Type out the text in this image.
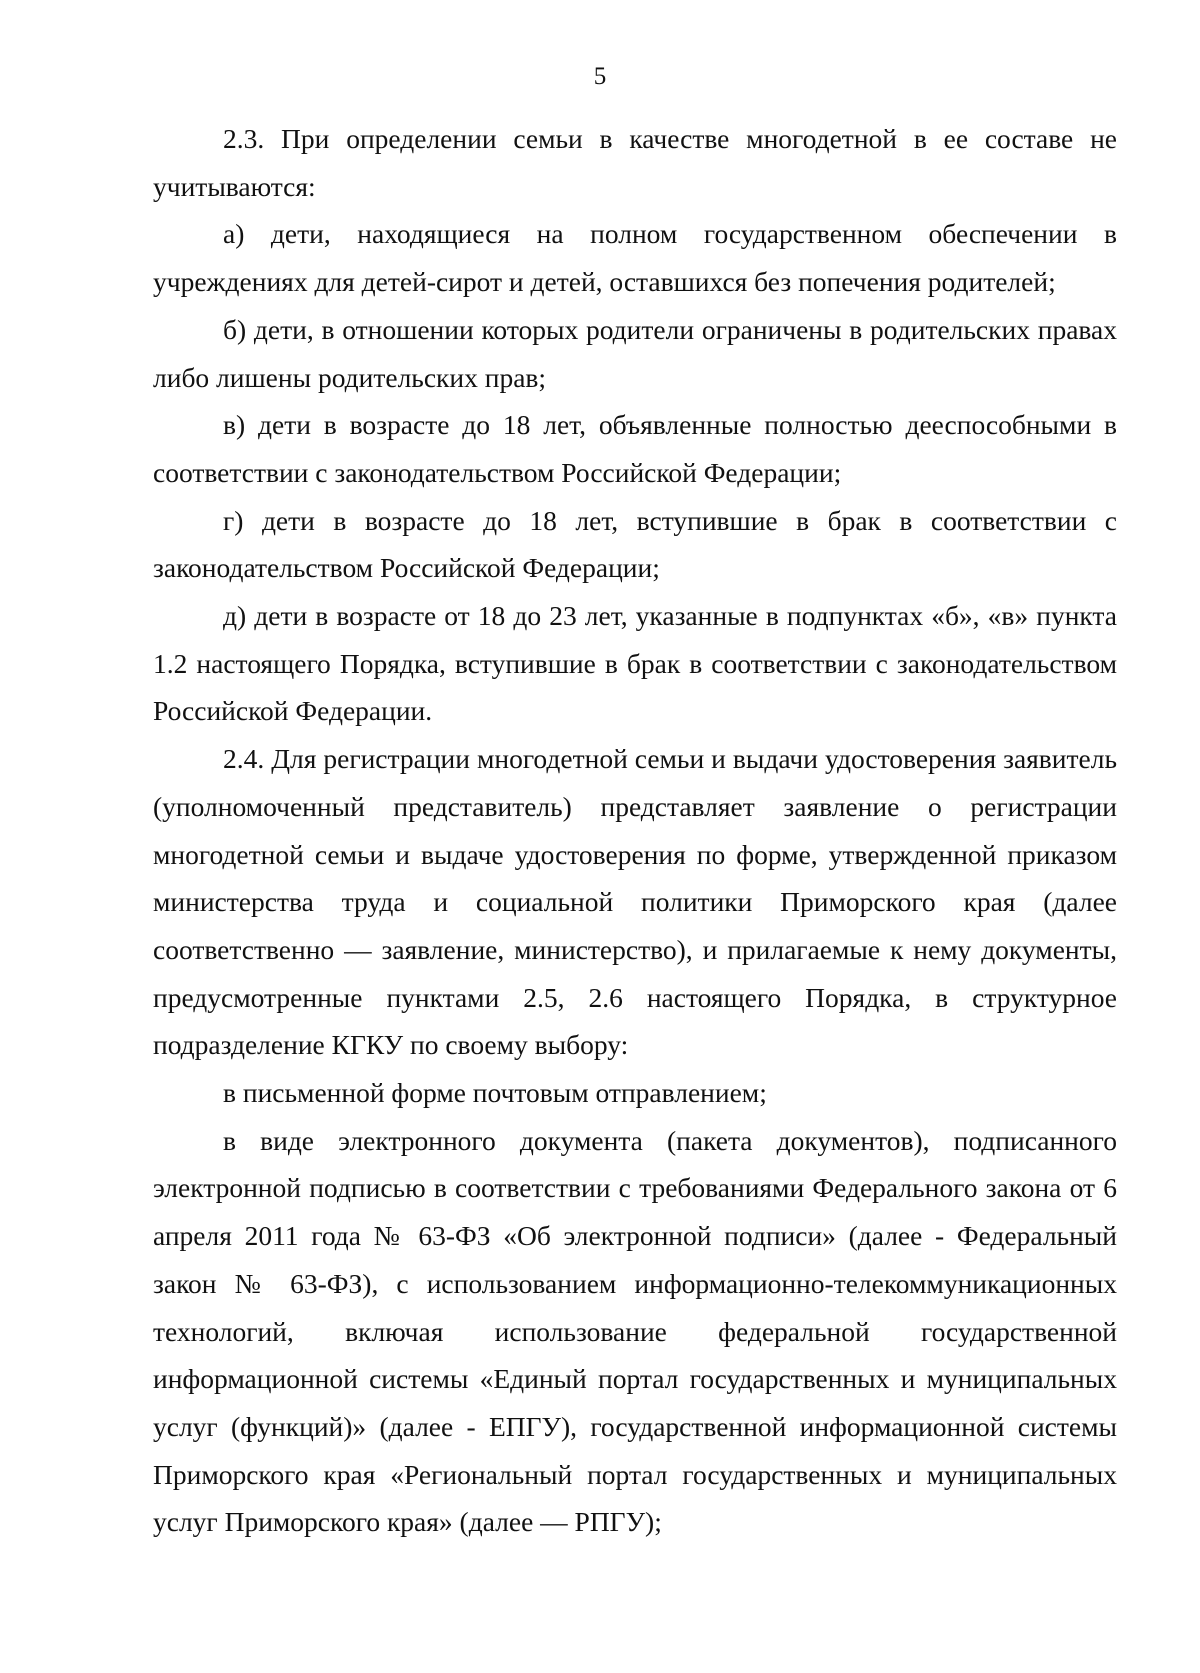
5

2.3. При определении семьи в качестве многодетной в ее составе не учитываются:

а) дети, находящиеся на полном государственном обеспечении в учреждениях для детей-сирот и детей, оставшихся без попечения родителей;

б) дети, в отношении которых родители ограничены в родительских правах либо лишены родительских прав;

в) дети в возрасте до 18 лет, объявленные полностью дееспособными в соответствии с законодательством Российской Федерации;

г) дети в возрасте до 18 лет, вступившие в брак в соответствии с законодательством Российской Федерации;

д) дети в возрасте от 18 до 23 лет, указанные в подпунктах «б», «в» пункта 1.2 настоящего Порядка, вступившие в брак в соответствии с законодательством Российской Федерации.

2.4. Для регистрации многодетной семьи и выдачи удостоверения заявитель (уполномоченный представитель) представляет заявление о регистрации многодетной семьи и выдаче удостоверения по форме, утвержденной приказом министерства труда и социальной политики Приморского края (далее соответственно — заявление, министерство), и прилагаемые к нему документы, предусмотренные пунктами 2.5, 2.6 настоящего Порядка, в структурное подразделение КГКУ по своему выбору:

в письменной форме почтовым отправлением;

в виде электронного документа (пакета документов), подписанного электронной подписью в соответствии с требованиями Федерального закона от 6 апреля 2011 года № 63-ФЗ «Об электронной подписи» (далее - Федеральный закон № 63-ФЗ), с использованием информационно-телекоммуникационных технологий, включая использование федеральной государственной информационной системы «Единый портал государственных и муниципальных услуг (функций)» (далее - ЕПГУ), государственной информационной системы Приморского края «Региональный портал государственных и муниципальных услуг Приморского края» (далее — РПГУ);
